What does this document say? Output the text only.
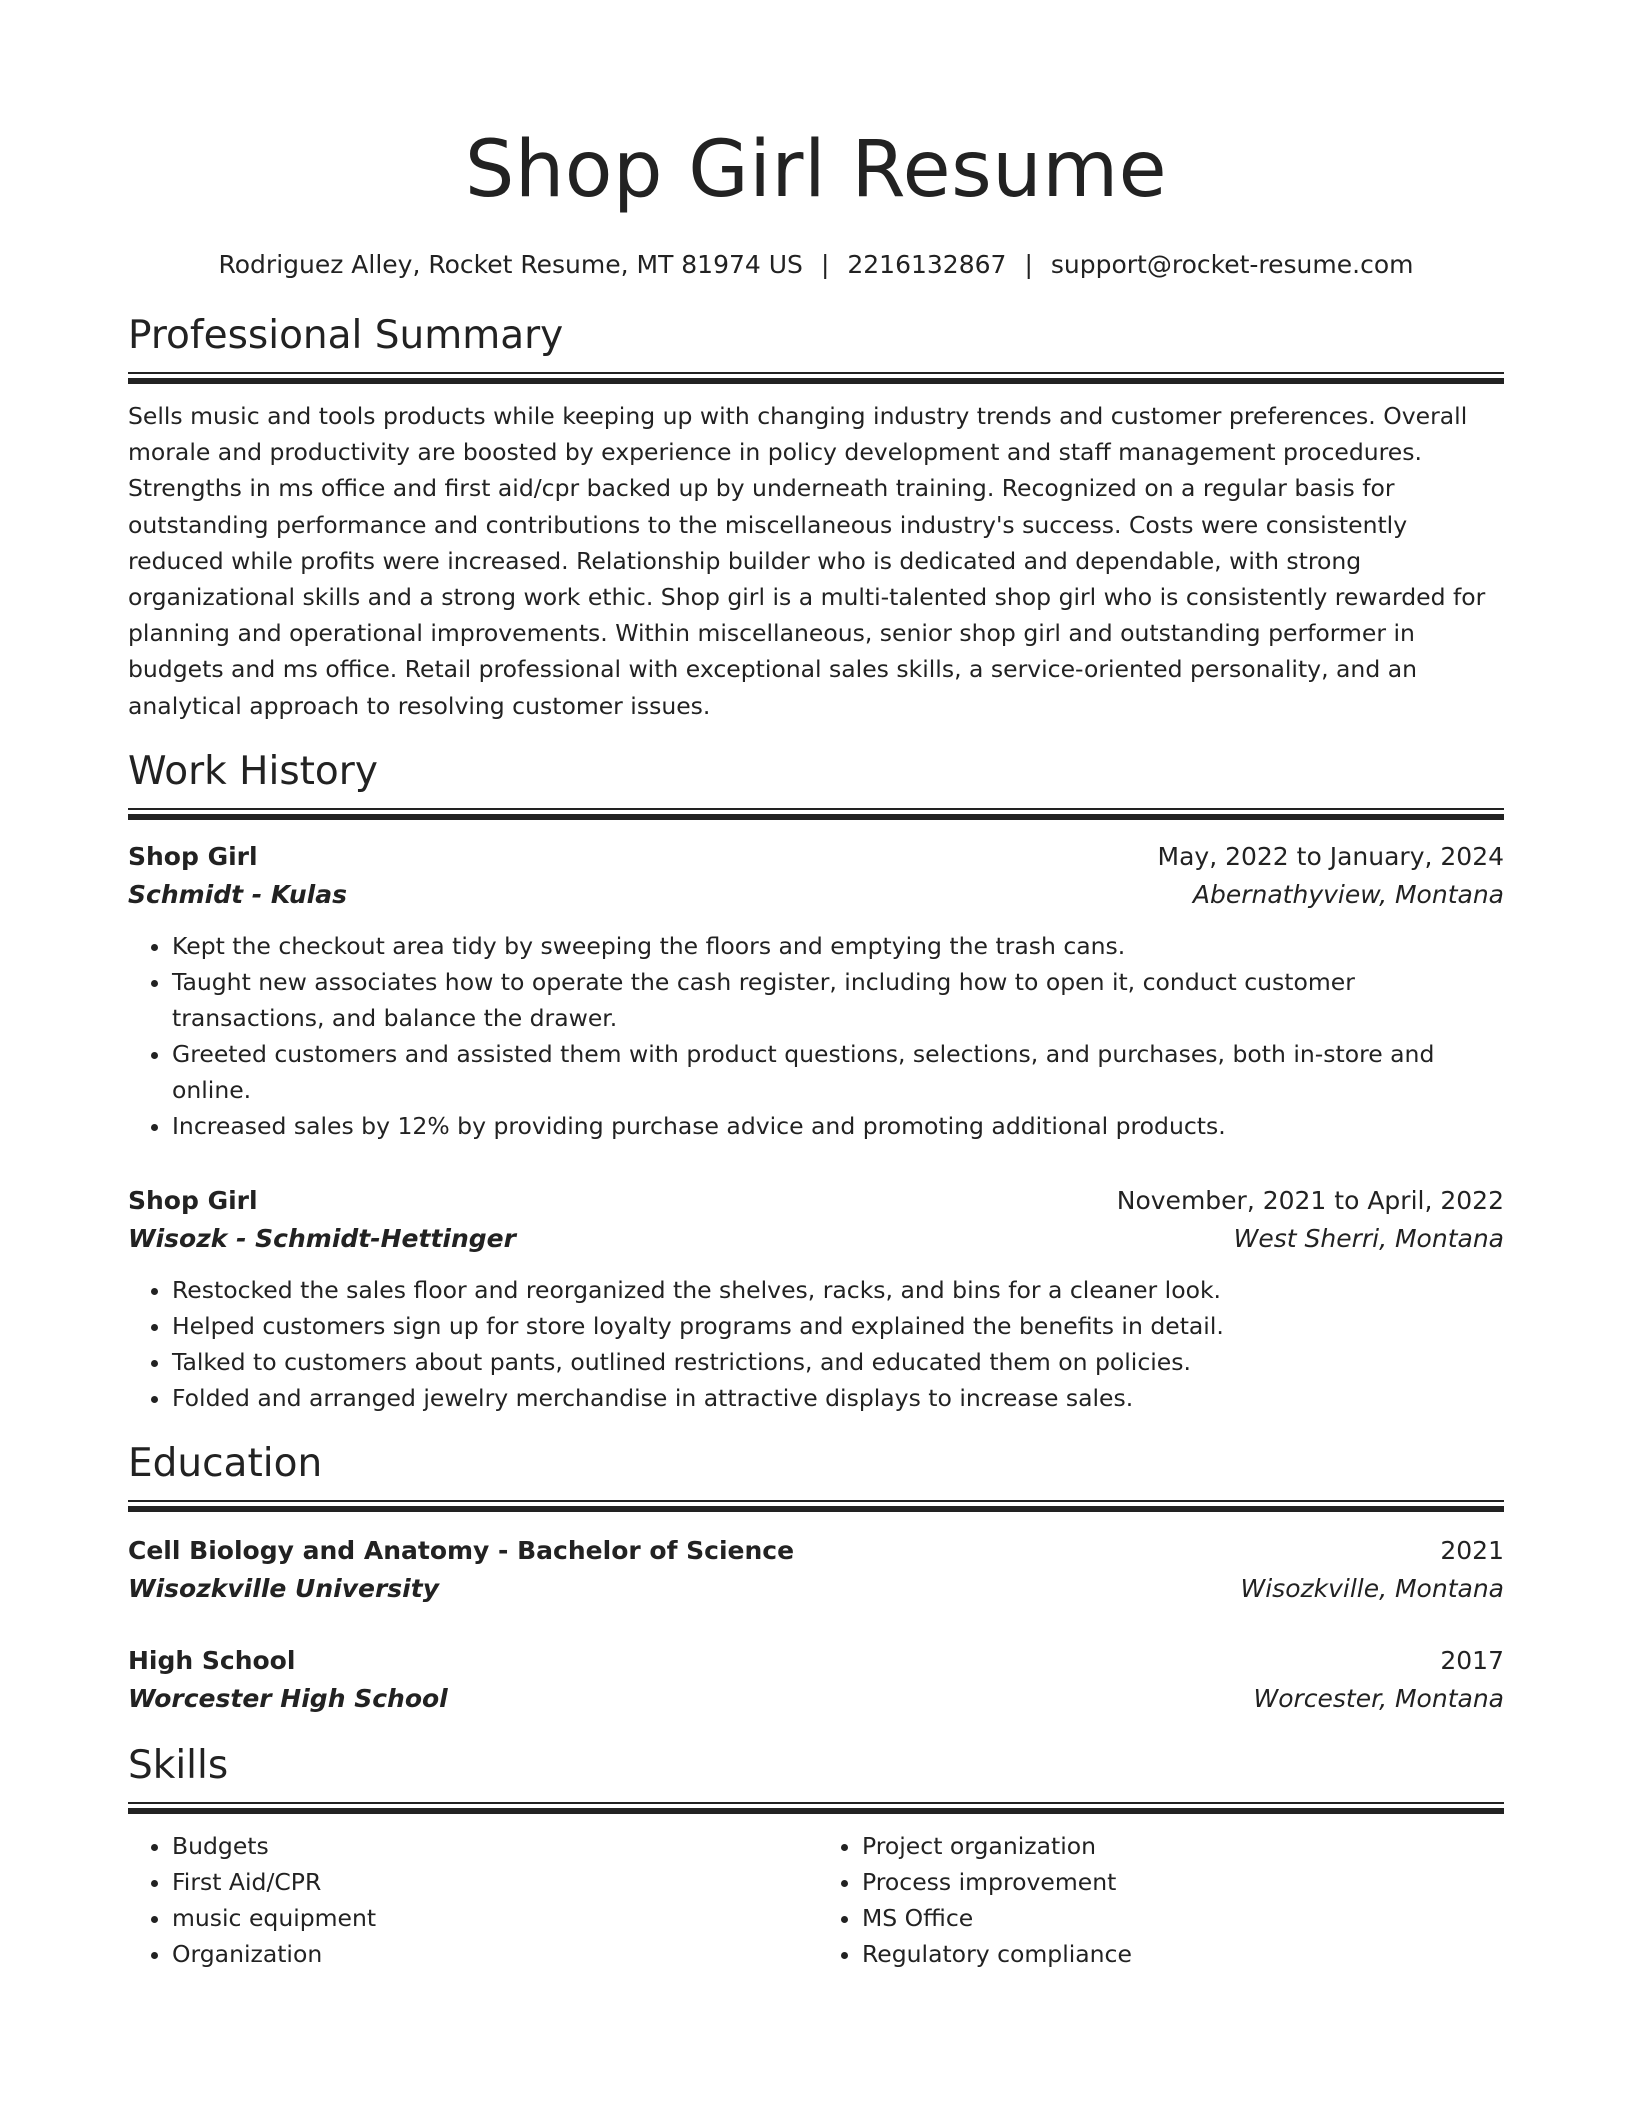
Shop Girl Resume
Rodriguez Alley, Rocket Resume, MT 81974 US | 2216132867 | support@rocket-resume.com
Professional Summary
Sells music and tools products while keeping up with changing industry trends and customer preferences. Overall morale and productivity are boosted by experience in policy development and staff management procedures. Strengths in ms office and first aid/cpr backed up by underneath training. Recognized on a regular basis for outstanding performance and contributions to the miscellaneous industry's success. Costs were consistently reduced while profits were increased. Relationship builder who is dedicated and dependable, with strong organizational skills and a strong work ethic. Shop girl is a multi-talented shop girl who is consistently rewarded for planning and operational improvements. Within miscellaneous, senior shop girl and outstanding performer in budgets and ms office. Retail professional with exceptional sales skills, a service-oriented personality, and an analytical approach to resolving customer issues.
Work History
Shop Girl	May, 2022 to January, 2024
Schmidt - Kulas	Abernathyview, Montana
• Kept the checkout area tidy by sweeping the floors and emptying the trash cans.
• Taught new associates how to operate the cash register, including how to open it, conduct customer transactions, and balance the drawer.
• Greeted customers and assisted them with product questions, selections, and purchases, both in-store and online.
• Increased sales by 12% by providing purchase advice and promoting additional products.
Shop Girl	November, 2021 to April, 2022
Wisozk - Schmidt-Hettinger	West Sherri, Montana
• Restocked the sales floor and reorganized the shelves, racks, and bins for a cleaner look.
• Helped customers sign up for store loyalty programs and explained the benefits in detail.
• Talked to customers about pants, outlined restrictions, and educated them on policies.
• Folded and arranged jewelry merchandise in attractive displays to increase sales.
Education
Cell Biology and Anatomy - Bachelor of Science	2021
Wisozkville University	Wisozkville, Montana
High School	2017
Worcester High School	Worcester, Montana
Skills
• Budgets
• First Aid/CPR
• music equipment
• Organization
• Project organization
• Process improvement
• MS Office
• Regulatory compliance
